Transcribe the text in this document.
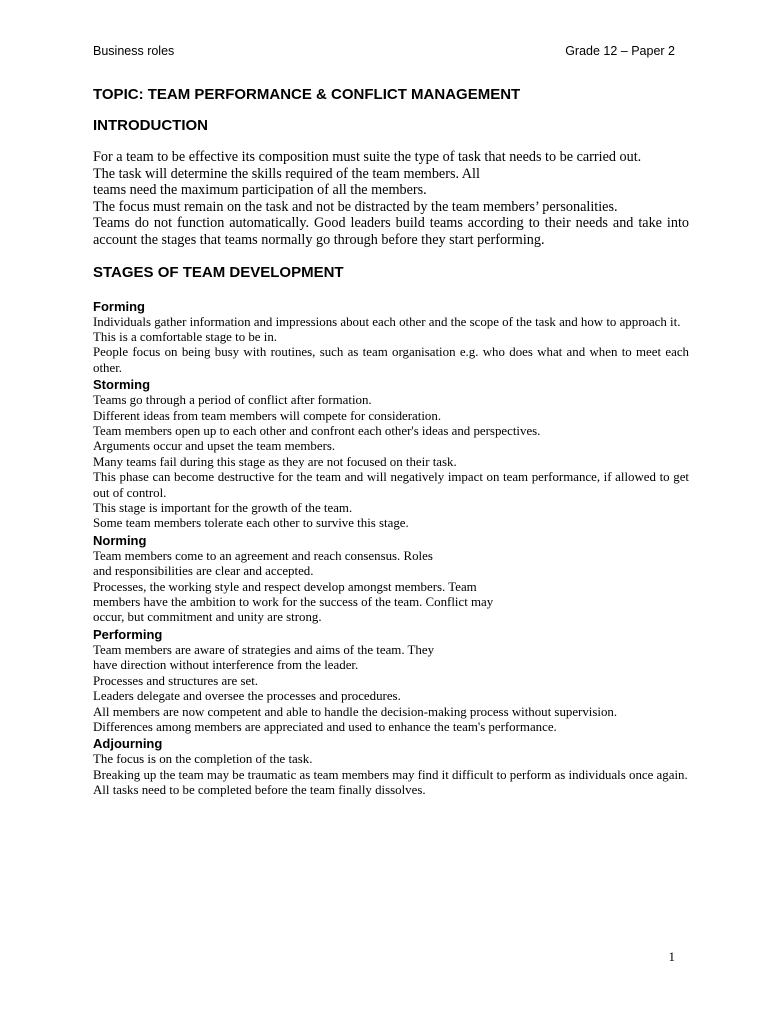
Business roles	Grade 12 – Paper 2
TOPIC: TEAM PERFORMANCE & CONFLICT MANAGEMENT
INTRODUCTION

For a team to be effective its composition must suite the type of task that needs to be carried out.

The task will determine the skills required of the team members. All

teams need the maximum participation of all the members.

The focus must remain on the task and not be distracted by the team members’ personalities.

Teams do not function automatically. Good leaders build teams according to their needs and take into account the stages that teams normally go through before they start performing.

STAGES OF TEAM DEVELOPMENT
Forming

Individuals gather information and impressions about each other and the scope of the task and how to approach it.

This is a comfortable stage to be in.

People focus on being busy with routines, such as team organisation e.g. who does what and when to meet each other.

Storming

Teams go through a period of conflict after formation.

Different ideas from team members will compete for consideration.

Team members open up to each other and confront each other's ideas and perspectives.

Arguments occur and upset the team members.

Many teams fail during this stage as they are not focused on their task.

This phase can become destructive for the team and will negatively impact on team performance, if allowed to get out of control.

This stage is important for the growth of the team.

Some team members tolerate each other to survive this stage.

Norming

Team members come to an agreement and reach consensus. Roles

and responsibilities are clear and accepted.

Processes, the working style and respect develop amongst members. Team

members have the ambition to work for the success of the team. Conflict may

occur, but commitment and unity are strong.

Performing

Team members are aware of strategies and aims of the team. They

have direction without interference from the leader.

Processes and structures are set.

Leaders delegate and oversee the processes and procedures.

All members are now competent and able to handle the decision-making process without supervision.

Differences among members are appreciated and used to enhance the team's performance.

Adjourning

The focus is on the completion of the task.

Breaking up the team may be traumatic as team members may find it difficult to perform as individuals once again.

All tasks need to be completed before the team finally dissolves.

1
